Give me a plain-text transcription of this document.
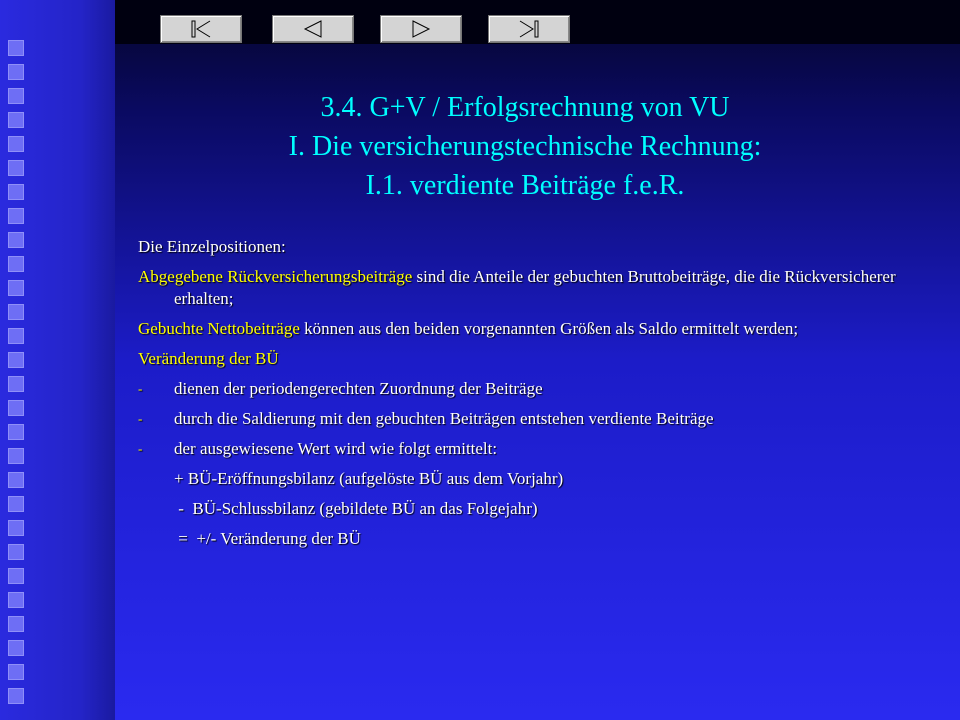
3.4. G+V / Erfolgsrechnung von VU
I. Die versicherungstechnische Rechnung:
I.1. verdiente Beiträge f.e.R.
Die Einzelpositionen:
Abgegebene Rückversicherungsbeiträge sind die Anteile der gebuchten Bruttobeiträge, die die Rückversicherer erhalten;
Gebuchte Nettobeiträge können aus den beiden vorgenannten Größen als Saldo ermittelt werden;
Veränderung der BÜ
- dienen der periodengerechten Zuordnung der Beiträge
- durch die Saldierung mit den gebuchten Beiträgen entstehen verdiente Beiträge
- der ausgewiesene Wert wird wie folgt ermittelt:
+ BÜ-Eröffnungsbilanz (aufgelöste BÜ aus dem Vorjahr)
-  BÜ-Schlussbilanz (gebildete BÜ an das Folgejahr)
=  +/- Veränderung der BÜ
